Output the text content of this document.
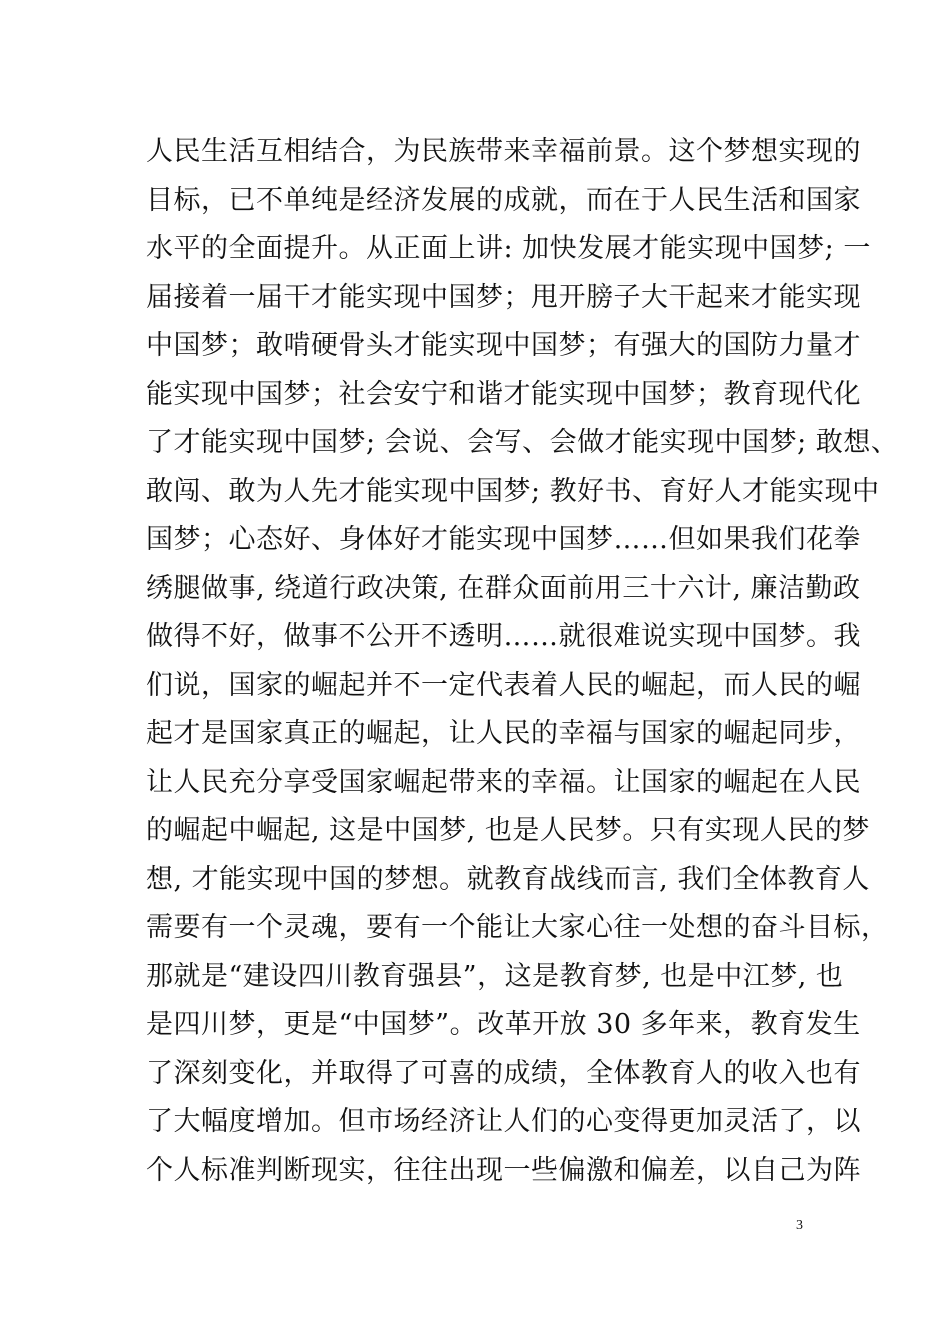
人民生活互相结合，为民族带来幸福前景。这个梦想实现的
目标，已不单纯是经济发展的成就，而在于人民生活和国家
水平的全面提升。从正面上讲: 加快发展才能实现中国梦; 一
届接着一届干才能实现中国梦；甩开膀子大干起来才能实现
中国梦；敢啃硬骨头才能实现中国梦；有强大的国防力量才
能实现中国梦；社会安宁和谐才能实现中国梦；教育现代化
了才能实现中国梦; 会说、会写、会做才能实现中国梦; 敢想、
敢闯、敢为人先才能实现中国梦; 教好书、育好人才能实现中
国梦；心态好、身体好才能实现中国梦……但如果我们花拳
绣腿做事, 绕道行政决策, 在群众面前用三十六计, 廉洁勤政
做得不好，做事不公开不透明……就很难说实现中国梦。我
们说，国家的崛起并不一定代表着人民的崛起，而人民的崛
起才是国家真正的崛起，让人民的幸福与国家的崛起同步，
让人民充分享受国家崛起带来的幸福。让国家的崛起在人民
的崛起中崛起, 这是中国梦, 也是人民梦。只有实现人民的梦
想, 才能实现中国的梦想。就教育战线而言, 我们全体教育人
需要有一个灵魂，要有一个能让大家心往一处想的奋斗目标，
那就是“建设四川教育强县”，这是教育梦, 也是中江梦, 也
是四川梦，更是“中国梦”。改革开放 30 多年来，教育发生
了深刻变化，并取得了可喜的成绩，全体教育人的收入也有
了大幅度增加。但市场经济让人们的心变得更加灵活了，以
个人标准判断现实，往往出现一些偏激和偏差，以自己为阵
3
